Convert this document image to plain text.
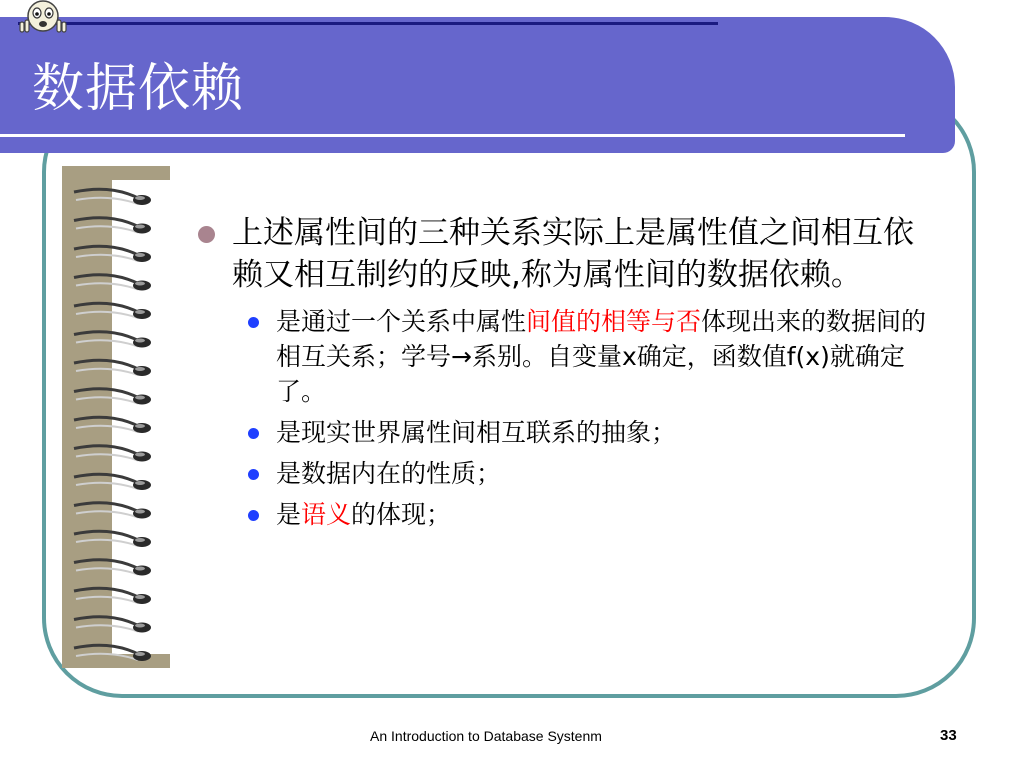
数据依赖
上述属性间的三种关系实际上是属性值之间相互依赖又相互制约的反映,称为属性间的数据依赖。
是通过一个关系中属性间值的相等与否体现出来的数据间的相互关系；学号→系别。自变量x确定，函数值f(x)就确定了。
是现实世界属性间相互联系的抽象；
是数据内在的性质；
是语义的体现；
An Introduction to Database Systenm	33
